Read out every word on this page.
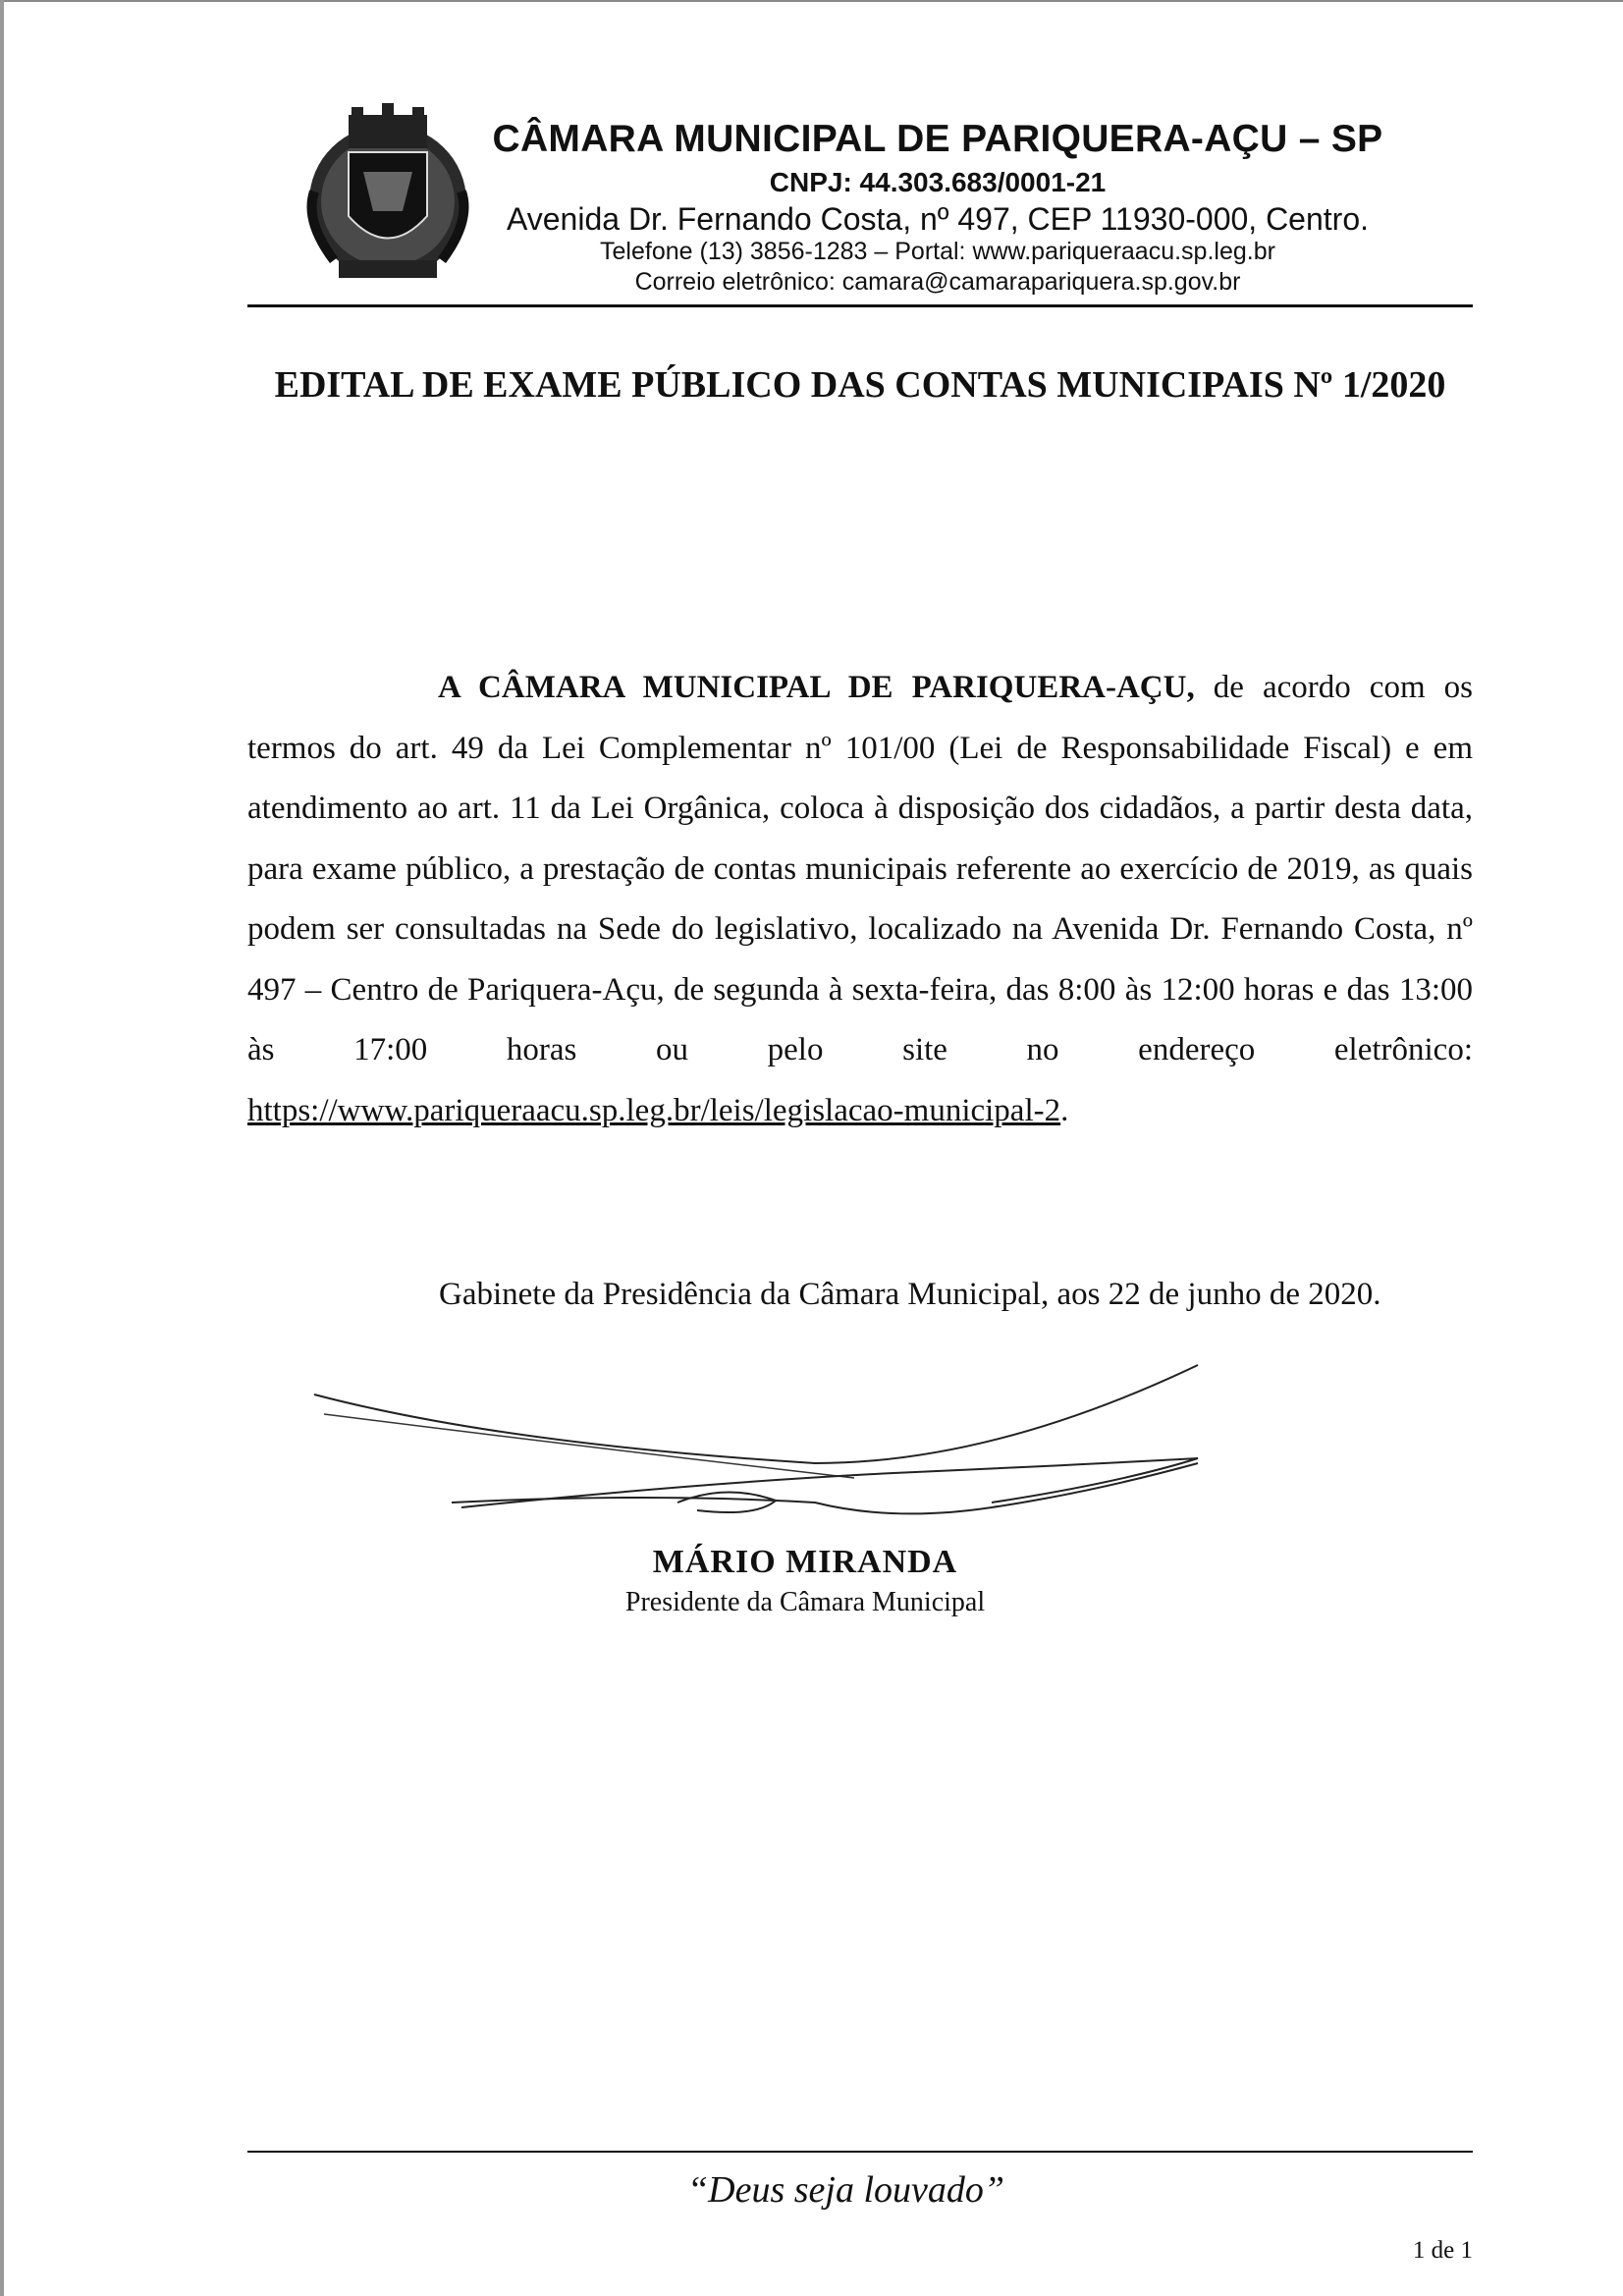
CÂMARA MUNICIPAL DE PARIQUERA-AÇU – SP
CNPJ: 44.303.683/0001-21
Avenida Dr. Fernando Costa, nº 497, CEP 11930-000, Centro.
Telefone (13) 3856-1283 – Portal: www.pariqueraacu.sp.leg.br
Correio eletrônico: camara@camarapariquera.sp.gov.br
EDITAL DE EXAME PÚBLICO DAS CONTAS MUNICIPAIS Nº 1/2020
A CÂMARA MUNICIPAL DE PARIQUERA-AÇU, de acordo com os termos do art. 49 da Lei Complementar nº 101/00 (Lei de Responsabilidade Fiscal) e em atendimento ao art. 11 da Lei Orgânica, coloca à disposição dos cidadãos, a partir desta data, para exame público, a prestação de contas municipais referente ao exercício de 2019, as quais podem ser consultadas na Sede do legislativo, localizado na Avenida Dr. Fernando Costa, nº 497 – Centro de Pariquera-Açu, de segunda à sexta-feira, das 8:00 às 12:00 horas e das 13:00 às 17:00 horas ou pelo site no endereço eletrônico: https://www.pariqueraacu.sp.leg.br/leis/legislacao-municipal-2.
Gabinete da Presidência da Câmara Municipal, aos 22 de junho de 2020.
MÁRIO MIRANDA
Presidente da Câmara Municipal
“Deus seja louvado”
1 de 1
